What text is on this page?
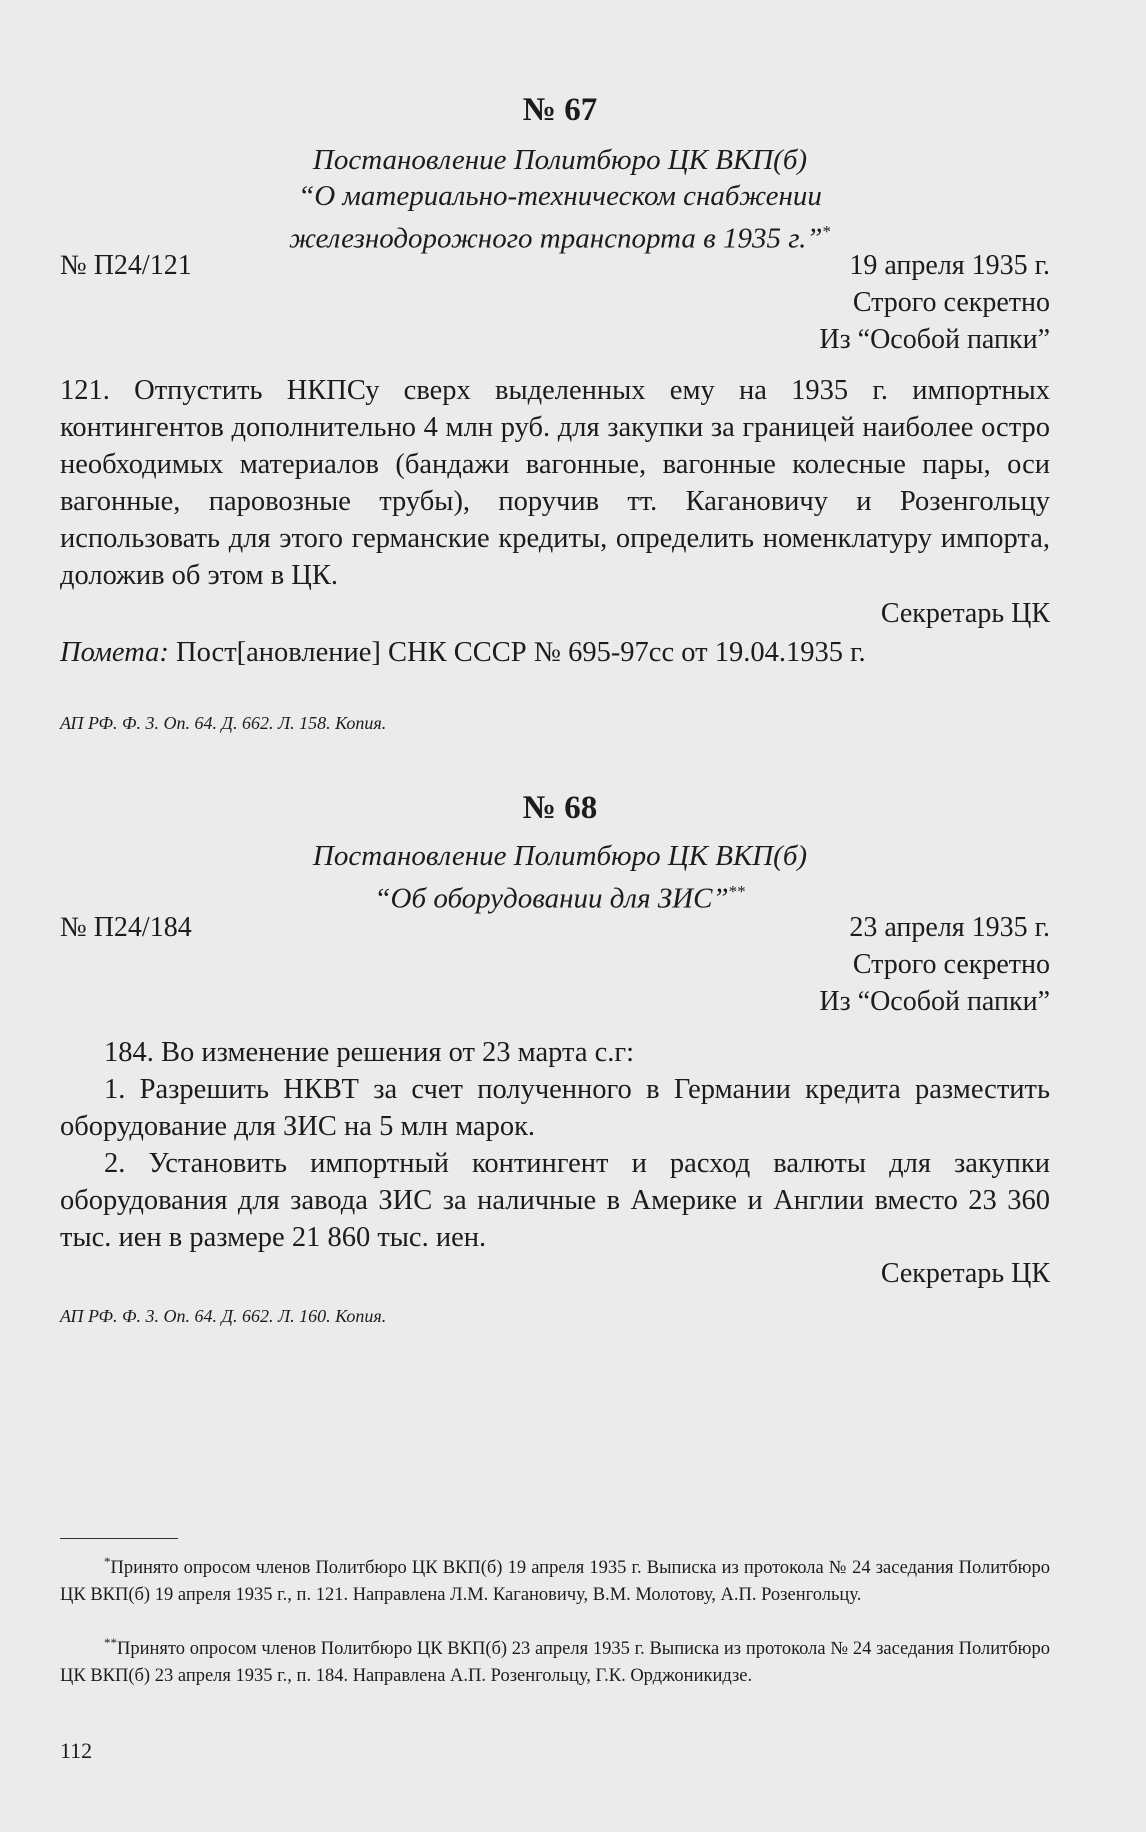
№ 67
Постановление Политбюро ЦК ВКП(б)
“О материально-техническом снабжении
железнодорожного транспорта в 1935 г.”*
№ П24/121	19 апреля 1935 г.
Строго секретно
Из “Особой папки”

121. Отпустить НКПСу сверх выделенных ему на 1935 г. импортных контингентов дополнительно 4 млн руб. для закупки за границей наиболее остро необходимых материалов (бандажи вагонные, вагонные колесные пары, оси вагонные, паровозные трубы), поручив тт. Кагановичу и Розенгольцу использовать для этого германские кредиты, определить номенклатуру импорта, доложив об этом в ЦК.

Секретарь ЦК

Помета: Пост[ановление] СНК СССР № 695-97сс от 19.04.1935 г.

АП РФ. Ф. 3. Оп. 64. Д. 662. Л. 158. Копия.
№ 68
Постановление Политбюро ЦК ВКП(б)
“Об оборудовании для ЗИС”**
№ П24/184	23 апреля 1935 г.
Строго секретно
Из “Особой папки”

184. Во изменение решения от 23 марта с.г:

1. Разрешить НКВТ за счет полученного в Германии кредита разместить оборудование для ЗИС на 5 млн марок.

2. Установить импортный контингент и расход валюты для закупки оборудования для завода ЗИС за наличные в Америке и Англии вместо 23 360 тыс. иен в размере 21 860 тыс. иен.

Секретарь ЦК
АП РФ. Ф. 3. Оп. 64. Д. 662. Л. 160. Копия.

*Принято опросом членов Политбюро ЦК ВКП(б) 19 апреля 1935 г. Выписка из протокола № 24 заседания Политбюро ЦК ВКП(б) 19 апреля 1935 г., п. 121. Направлена Л.М. Кагановичу, В.М. Молотову, А.П. Розенгольцу.

**Принято опросом членов Политбюро ЦК ВКП(б) 23 апреля 1935 г. Выписка из протокола № 24 заседания Политбюро ЦК ВКП(б) 23 апреля 1935 г., п. 184. Направлена А.П. Розенгольцу, Г.К. Орджоникидзе.

112
